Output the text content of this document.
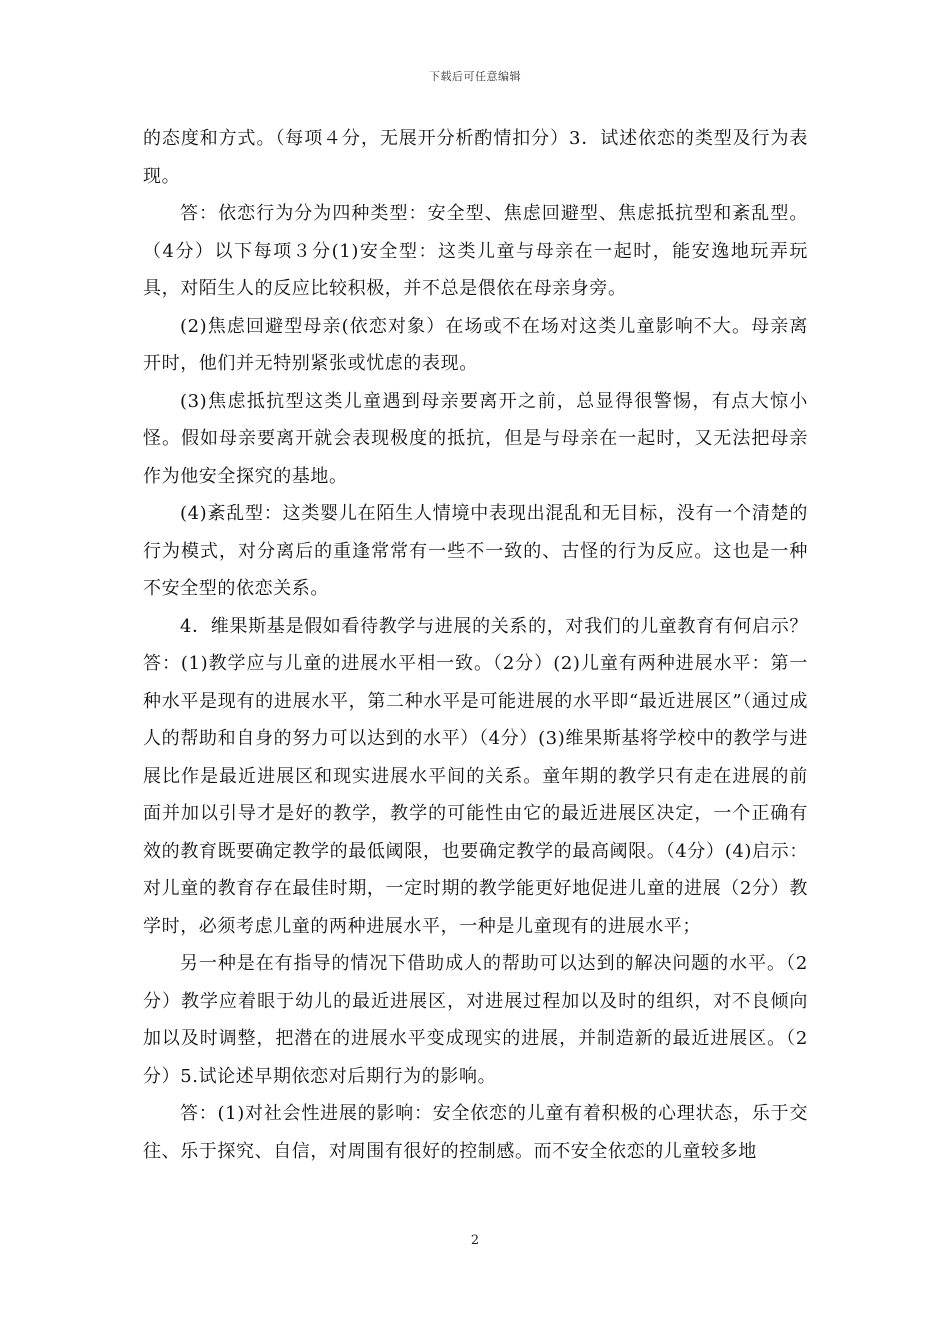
下载后可任意编辑

的态度和方式。（每项４分，无展开分析酌情扣分）3．试述依恋的类型及行为表现。

答：依恋行为分为四种类型：安全型、焦虑回避型、焦虑抵抗型和紊乱型。（4分）以下每项３分(1)安全型：这类儿童与母亲在一起时，能安逸地玩弄玩具，对陌生人的反应比较积极，并不总是偎依在母亲身旁。

(2)焦虑回避型母亲(依恋对象）在场或不在场对这类儿童影响不大。母亲离开时，他们并无特别紧张或忧虑的表现。

(3)焦虑抵抗型这类儿童遇到母亲要离开之前，总显得很警惕，有点大惊小怪。假如母亲要离开就会表现极度的抵抗，但是与母亲在一起时，又无法把母亲作为他安全探究的基地。

(4)紊乱型：这类婴儿在陌生人情境中表现出混乱和无目标，没有一个清楚的行为模式，对分离后的重逢常常有一些不一致的、古怪的行为反应。这也是一种不安全型的依恋关系。

4．维果斯基是假如看待教学与进展的关系的，对我们的儿童教育有何启示？答：(1)教学应与儿童的进展水平相一致。（2分）(2)儿童有两种进展水平：第一种水平是现有的进展水平，第二种水平是可能进展的水平即“最近进展区”（通过成人的帮助和自身的努力可以达到的水平）（4分）(3)维果斯基将学校中的教学与进展比作是最近进展区和现实进展水平间的关系。童年期的教学只有走在进展的前面并加以引导才是好的教学，教学的可能性由它的最近进展区决定，一个正确有效的教育既要确定教学的最低阈限，也要确定教学的最高阈限。（4分）(4)启示：对儿童的教育存在最佳时期，一定时期的教学能更好地促进儿童的进展（2分）教学时，必须考虑儿童的两种进展水平，一种是儿童现有的进展水平；

另一种是在有指导的情况下借助成人的帮助可以达到的解决问题的水平。（2分）教学应着眼于幼儿的最近进展区，对进展过程加以及时的组织，对不良倾向加以及时调整，把潜在的进展水平变成现实的进展，并制造新的最近进展区。（2分）5.试论述早期依恋对后期行为的影响。

答：(1)对社会性进展的影响：安全依恋的儿童有着积极的心理状态，乐于交往、乐于探究、自信，对周围有很好的控制感。而不安全依恋的儿童较多地

2
